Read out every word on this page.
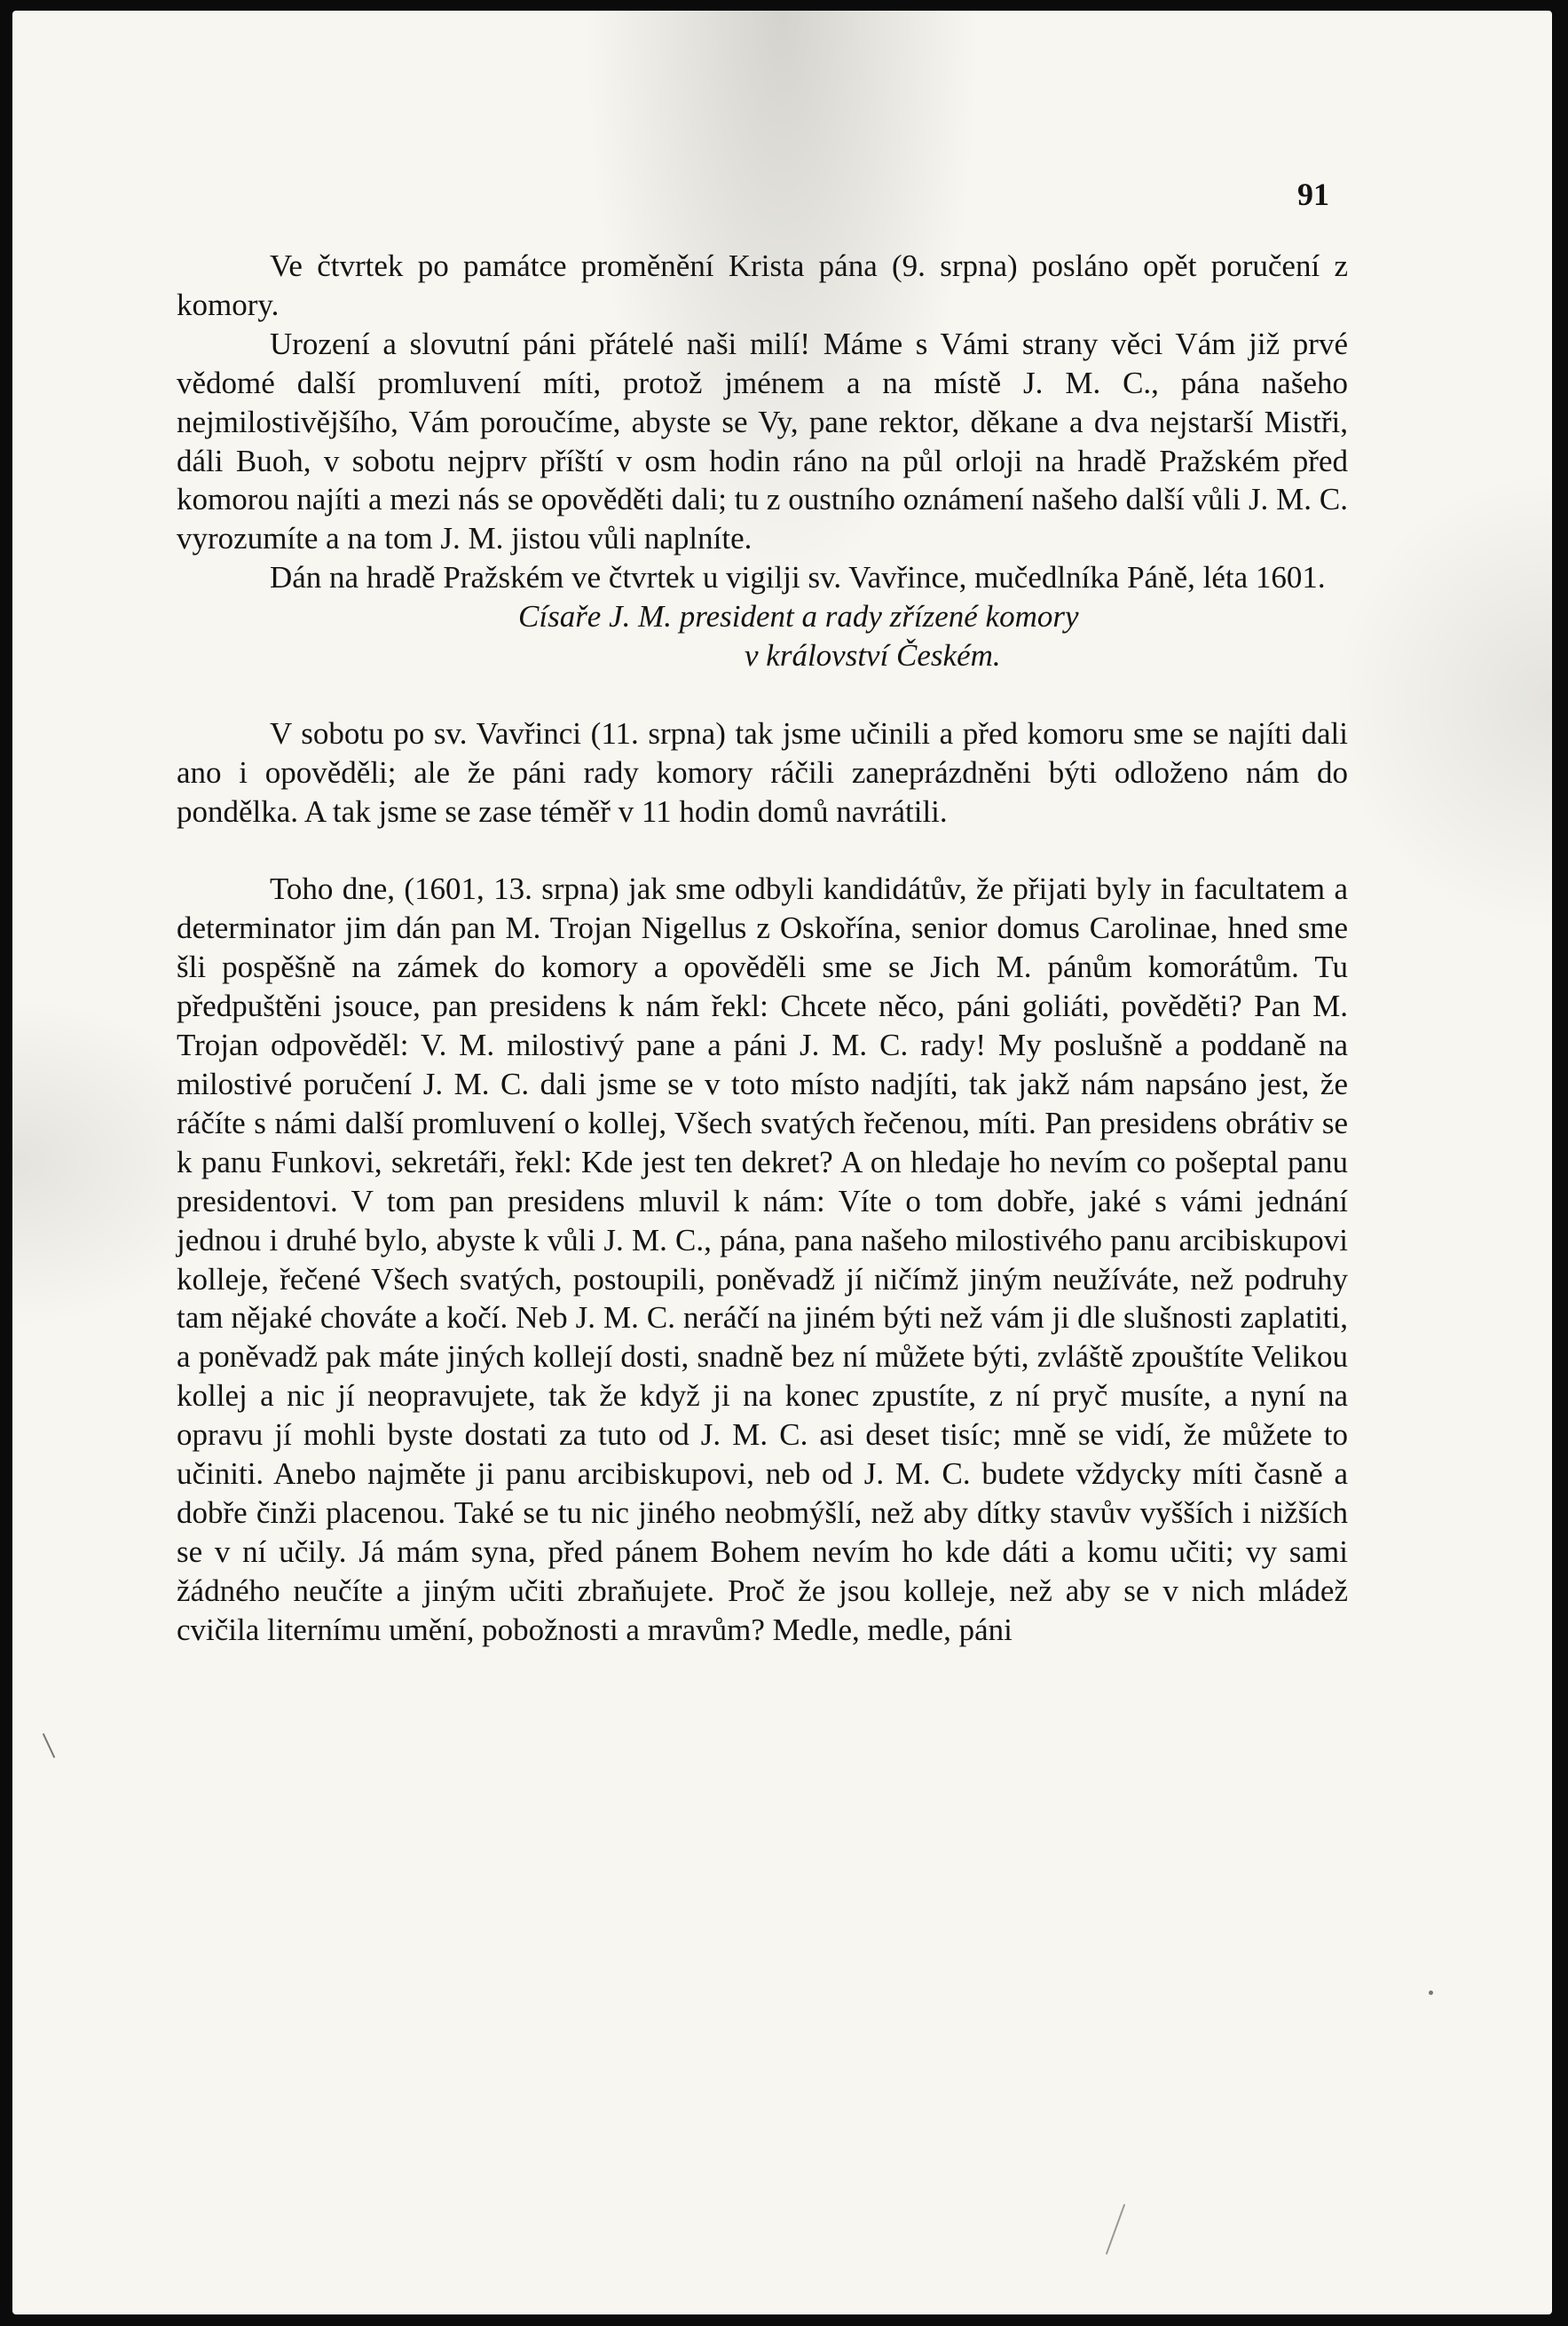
91

Ve čtvrtek po památce proměnění Krista pána (9. srpna) posláno opět poručení z komory.

Urození a slovutní páni přátelé naši milí! Máme s Vámi strany věci Vám již prvé vědomé další promluvení míti, protož jménem a na místě J. M. C., pána našeho nejmilostivějšího, Vám poroučíme, abyste se Vy, pane rektor, děkane a dva nejstarší Mistři, dáli Buoh, v sobotu nejprv příští v osm hodin ráno na půl orloji na hradě Pražském před komorou najíti a mezi nás se opověděti dali; tu z oustního oznámení našeho další vůli J. M. C. vyrozumíte a na tom J. M. jistou vůli naplníte.

Dán na hradě Pražském ve čtvrtek u vigilji sv. Vavřince, mučedlníka Páně, léta 1601.

Císaře J. M. president a rady zřízené komory

v království Českém.

V sobotu po sv. Vavřinci (11. srpna) tak jsme učinili a před komoru sme se najíti dali ano i opověděli; ale že páni rady komory ráčili zaneprázdněni býti odloženo nám do pondělka. A tak jsme se zase téměř v 11 hodin domů navrátili.

Toho dne, (1601, 13. srpna) jak sme odbyli kandidátův, že přijati byly in facultatem a determinator jim dán pan M. Trojan Nigellus z Oskořína, senior domus Carolinae, hned sme šli pospěšně na zámek do komory a opověděli sme se Jich M. pánům komorátům. Tu předpuštěni jsouce, pan presidens k nám řekl: Chcete něco, páni goliáti, pověděti? Pan M. Trojan odpověděl: V. M. milostivý pane a páni J. M. C. rady! My poslušně a poddaně na milostivé poručení J. M. C. dali jsme se v toto místo nadjíti, tak jakž nám napsáno jest, že ráčíte s námi další promluvení o kollej, Všech svatých řečenou, míti. Pan presidens obrátiv se k panu Funkovi, sekretáři, řekl: Kde jest ten dekret? A on hledaje ho nevím co pošeptal panu presidentovi. V tom pan presidens mluvil k nám: Víte o tom dobře, jaké s vámi jednání jednou i druhé bylo, abyste k vůli J. M. C., pána, pana našeho milostivého panu arcibiskupovi kolleje, řečené Všech svatých, postoupili, poněvadž jí ničímž jiným neužíváte, než podruhy tam nějaké chováte a kočí. Neb J. M. C. neráčí na jiném býti než vám ji dle slušnosti zaplatiti, a poněvadž pak máte jiných kollejí dosti, snadně bez ní můžete býti, zvláště zpouštíte Velikou kollej a nic jí neopravujete, tak že když ji na konec zpustíte, z ní pryč musíte, a nyní na opravu jí mohli byste dostati za tuto od J. M. C. asi deset tisíc; mně se vidí, že můžete to učiniti. Anebo najměte ji panu arcibiskupovi, neb od J. M. C. budete vždycky míti časně a dobře činži placenou. Také se tu nic jiného neobmýšlí, než aby dítky stavův vyšších i nižších se v ní učily. Já mám syna, před pánem Bohem nevím ho kde dáti a komu učiti; vy sami žádného neučíte a jiným učiti zbraňujete. Proč že jsou kolleje, než aby se v nich mládež cvičila liternímu umění, pobožnosti a mravům? Medle, medle, páni
